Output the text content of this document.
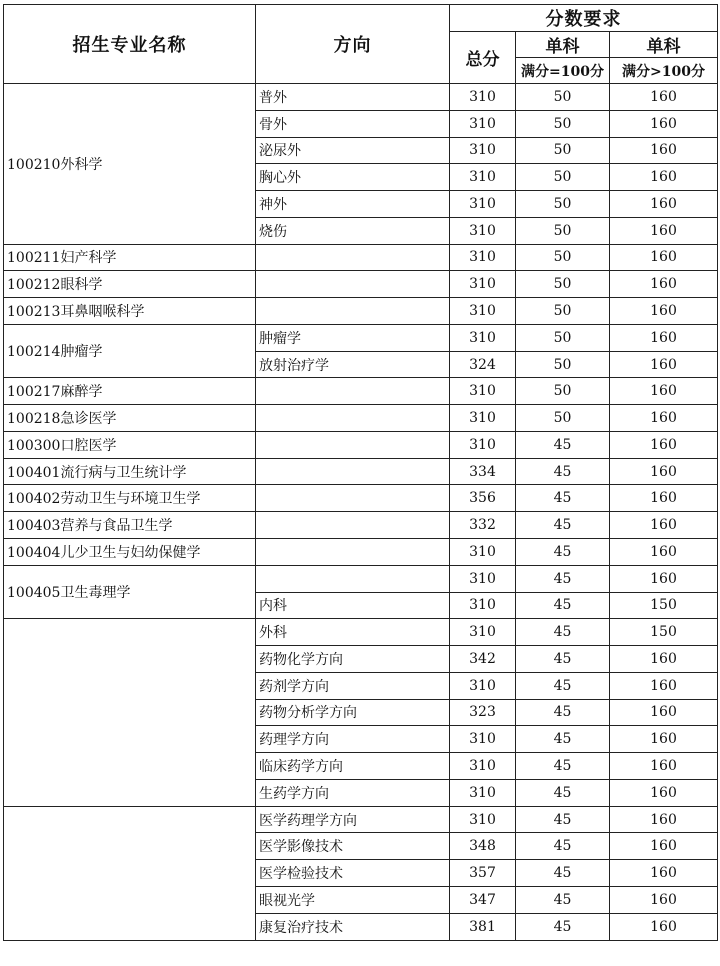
招生专业名称	方向	分数要求		
		总分	单科	单科
			满分=100分	满分>100分
100210外科学	普外	310	50	160
	骨外	310	50	160
	泌尿外	310	50	160
	胸心外	310	50	160
	神外	310	50	160
	烧伤	310	50	160
100211妇产科学		310	50	160
100212眼科学		310	50	160
100213耳鼻咽喉科学		310	50	160
100214肿瘤学	肿瘤学	310	50	160
	放射治疗学	324	50	160
100217麻醉学		310	50	160
100218急诊医学		310	50	160
100300口腔医学		310	45	160
100401流行病与卫生统计学		334	45	160
100402劳动卫生与环境卫生学		356	45	160
100403营养与食品卫生学		332	45	160
100404儿少卫生与妇幼保健学		310	45	160
100405卫生毒理学		310	45	160
	内科	310	45	150
	外科	310	45	150
	药物化学方向	342	45	160
	药剂学方向	310	45	160
	药物分析学方向	323	45	160
	药理学方向	310	45	160
	临床药学方向	310	45	160
	生药学方向	310	45	160
	医学药理学方向	310	45	160
	医学影像技术	348	45	160
	医学检验技术	357	45	160
	眼视光学	347	45	160
	康复治疗技术	381	45	160
